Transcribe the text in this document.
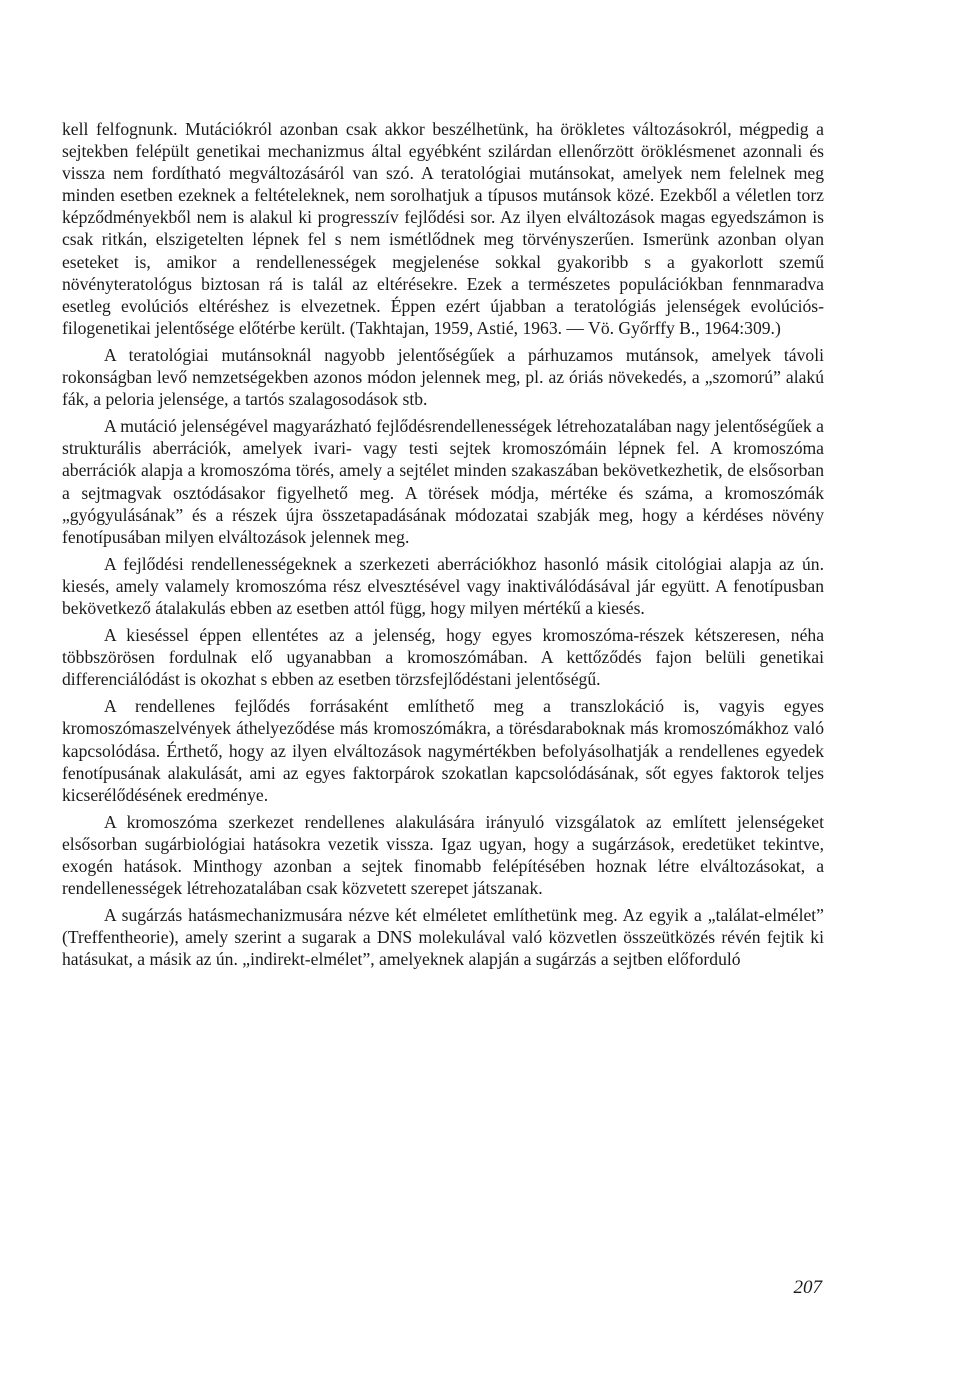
kell felfognunk. Mutációkról azonban csak akkor beszélhetünk, ha örökletes változásokról, mégpedig a sejtekben felépült genetikai mechanizmus által egyébként szilárdan ellenőrzött öröklésmenet azonnali és vissza nem fordítható megváltozásáról van szó. A teratológiai mutánsokat, amelyek nem felelnek meg minden esetben ezeknek a feltételeknek, nem sorolhatjuk a típusos mutánsok közé. Ezekből a véletlen torz képződményekből nem is alakul ki progresszív fejlődési sor. Az ilyen elváltozások magas egyedszámon is csak ritkán, elszigetelten lépnek fel s nem ismétlődnek meg törvényszerűen. Ismerünk azonban olyan eseteket is, amikor a rendellenességek megjelenése sokkal gyakoribb s a gyakorlott szemű növényteratológus biztosan rá is talál az eltérésekre. Ezek a természetes populációkban fennmaradva esetleg evolúciós eltéréshez is elvezetnek. Éppen ezért újabban a teratológiás jelenségek evolúciós-filogenetikai jelentősége előtérbe került. (Takhtajan, 1959, Astié, 1963. — Vö. Győrffy B., 1964:309.)

A teratológiai mutánsoknál nagyobb jelentőségűek a párhuzamos mutánsok, amelyek távoli rokonságban levő nemzetségekben azonos módon jelennek meg, pl. az óriás növekedés, a „szomorú” alakú fák, a peloria jelensége, a tartós szalagosodások stb.

A mutáció jelenségével magyarázható fejlődésrendellenességek létrehozatalában nagy jelentőségűek a strukturális aberrációk, amelyek ivari- vagy testi sejtek kromoszómáin lépnek fel. A kromoszóma aberrációk alapja a kromoszóma törés, amely a sejtélet minden szakaszában bekövetkezhetik, de elsősorban a sejtmagvak osztódásakor figyelhető meg. A törések módja, mértéke és száma, a kromoszómák „gyógyulásának” és a részek újra összetapadásának módozatai szabják meg, hogy a kérdéses növény fenotípusában milyen elváltozások jelennek meg.

A fejlődési rendellenességeknek a szerkezeti aberrációkhoz hasonló másik citológiai alapja az ún. kiesés, amely valamely kromoszóma rész elvesztésével vagy inaktiválódásával jár együtt. A fenotípusban bekövetkező átalakulás ebben az esetben attól függ, hogy milyen mértékű a kiesés.

A kieséssel éppen ellentétes az a jelenség, hogy egyes kromoszóma-részek kétszeresen, néha többszörösen fordulnak elő ugyanabban a kromoszómában. A kettőződés fajon belüli genetikai differenciálódást is okozhat s ebben az esetben törzsfejlődéstani jelentőségű.

A rendellenes fejlődés forrásaként említhető meg a transzlokáció is, vagyis egyes kromoszómaszelvények áthelyeződése más kromoszómákra, a törésdaraboknak más kromoszómákhoz való kapcsolódása. Érthető, hogy az ilyen elváltozások nagymértékben befolyásolhatják a rendellenes egyedek fenotípusának alakulását, ami az egyes faktorpárok szokatlan kapcsolódásának, sőt egyes faktorok teljes kicserélődésének eredménye.

A kromoszóma szerkezet rendellenes alakulására irányuló vizsgálatok az említett jelenségeket elsősorban sugárbiológiai hatásokra vezetik vissza. Igaz ugyan, hogy a sugárzások, eredetüket tekintve, exogén hatások. Minthogy azonban a sejtek finomabb felépítésében hoznak létre elváltozásokat, a rendellenességek létrehozatalában csak közvetett szerepet játszanak.

A sugárzás hatásmechanizmusára nézve két elméletet említhetünk meg. Az egyik a „találat-elmélet” (Treffentheorie), amely szerint a sugarak a DNS molekulával való közvetlen összeütközés révén fejtik ki hatásukat, a másik az ún. „indirekt-elmélet”, amelyeknek alapján a sugárzás a sejtben előforduló

207
